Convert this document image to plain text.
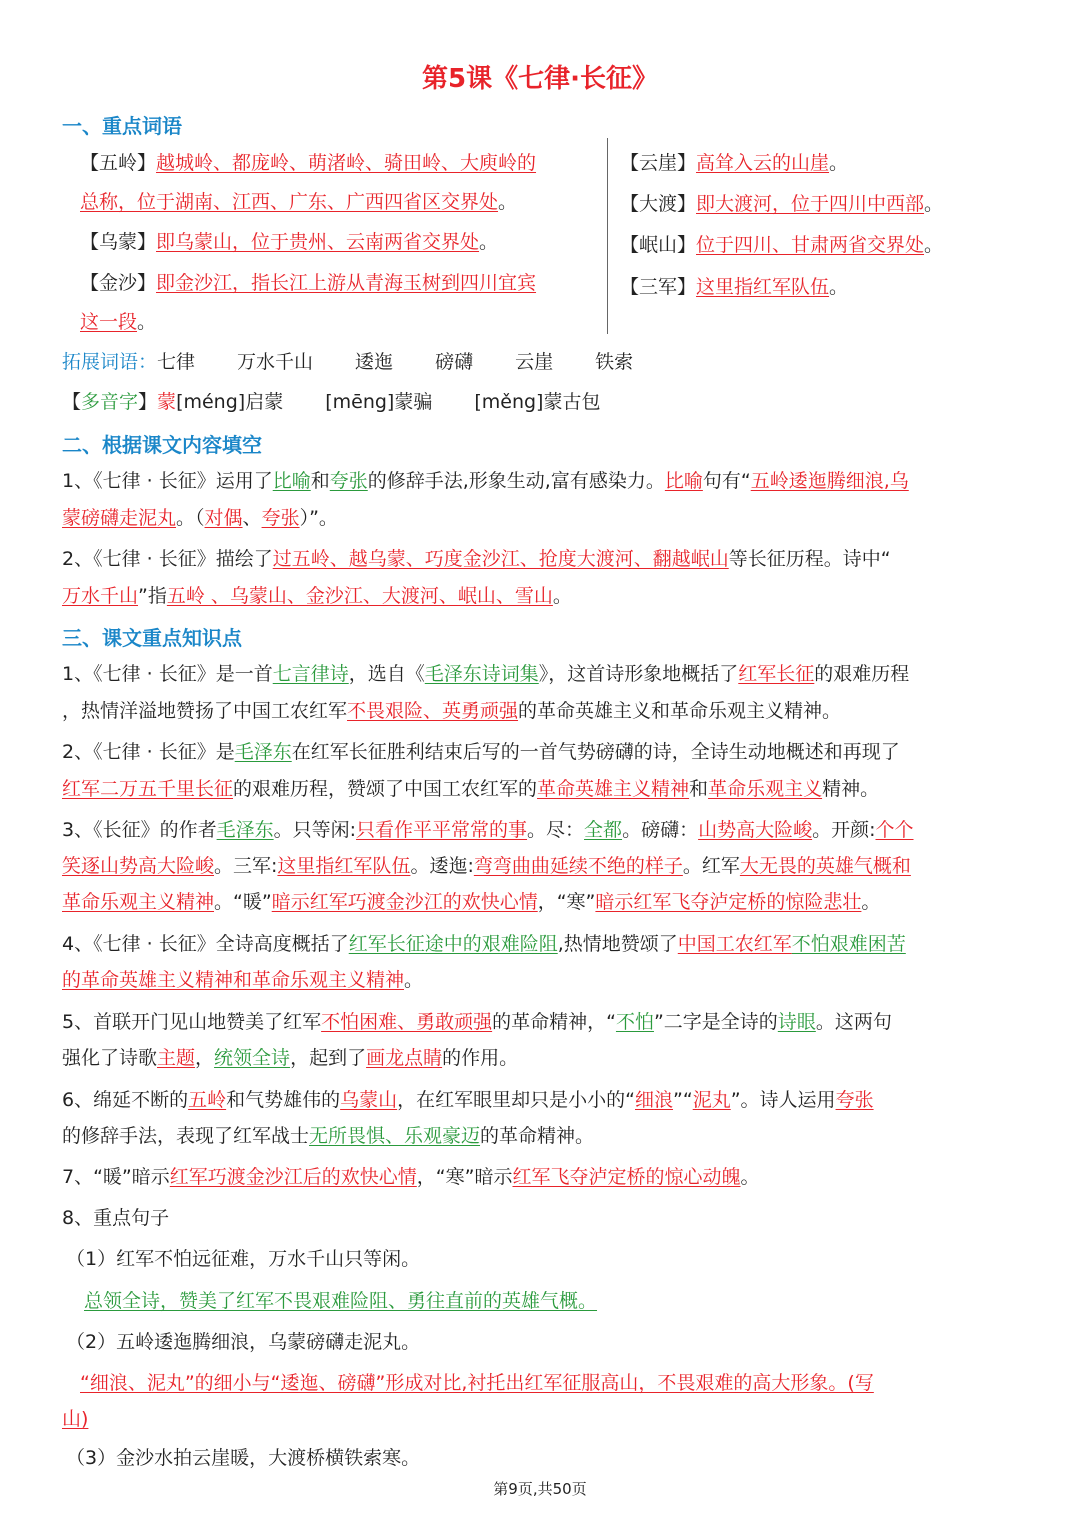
第5课《七律·长征》
一、重点词语
【五岭】越城岭、都庞岭、萌渚岭、骑田岭、大庾岭的
总称，位于湖南、江西、广东、广西四省区交界处。
【乌蒙】即乌蒙山，位于贵州、云南两省交界处。
【金沙】即金沙江，指长江上游从青海玉树到四川宜宾
这一段。
【云崖】高耸入云的山崖。
【大渡】即大渡河，位于四川中西部。
【岷山】位于四川、甘肃两省交界处。
【三军】这里指红军队伍。
拓展词语：七律 万水千山 逶迤 磅礴 云崖 铁索
【多音字】蒙[méng]启蒙 [mēng]蒙骗 [měng]蒙古包
二、根据课文内容填空
1、《七律 · 长征》运用了比喻和夸张的修辞手法,形象生动,富有感染力。比喻句有“五岭逶迤腾细浪,乌
蒙磅礴走泥丸。（对偶、夸张）”。
2、《七律 · 长征》描绘了过五岭、越乌蒙、巧度金沙江、抢度大渡河、翻越岷山等长征历程。诗中“
万水千山”指五岭 、乌蒙山、金沙江、大渡河、岷山、雪山。
三、课文重点知识点
1、《七律 · 长征》是一首七言律诗，选自《毛泽东诗词集》，这首诗形象地概括了红军长征的艰难历程
，热情洋溢地赞扬了中国工农红军不畏艰险、英勇顽强的革命英雄主义和革命乐观主义精神。
2、《七律 · 长征》是毛泽东在红军长征胜利结束后写的一首气势磅礴的诗，全诗生动地概述和再现了
红军二万五千里长征的艰难历程，赞颂了中国工农红军的革命英雄主义精神和革命乐观主义精神。
3、《长征》的作者毛泽东。只等闲:只看作平平常常的事。尽：全都。磅礴：山势高大险峻。开颜:个个
笑逐山势高大险峻。三军:这里指红军队伍。逶迤:弯弯曲曲延续不绝的样子。红军大无畏的英雄气概和
革命乐观主义精神。“暖”暗示红军巧渡金沙江的欢快心情，“寒”暗示红军飞夺泸定桥的惊险悲壮。
4、《七律 · 长征》全诗高度概括了红军长征途中的艰难险阻,热情地赞颂了中国工农红军不怕艰难困苦
的革命英雄主义精神和革命乐观主义精神。
5、首联开门见山地赞美了红军不怕困难、勇敢顽强的革命精神，“不怕”二字是全诗的诗眼。这两句
强化了诗歌主题，统领全诗，起到了画龙点睛的作用。
6、绵延不断的五岭和气势雄伟的乌蒙山，在红军眼里却只是小小的“细浪”“泥丸”。诗人运用夸张
的修辞手法，表现了红军战士无所畏惧、乐观豪迈的革命精神。
7、“暖”暗示红军巧渡金沙江后的欢快心情，“寒”暗示红军飞夺泸定桥的惊心动魄。
8、重点句子
（1）红军不怕远征难，万水千山只等闲。
总领全诗，赞美了红军不畏艰难险阻、勇往直前的英雄气概。
（2）五岭逶迤腾细浪，乌蒙磅礴走泥丸。
“细浪、泥丸”的细小与“逶迤、磅礴”形成对比,衬托出红军征服高山，不畏艰难的高大形象。(写
山)
（3）金沙水拍云崖暖，大渡桥横铁索寒。
第9页,共50页
